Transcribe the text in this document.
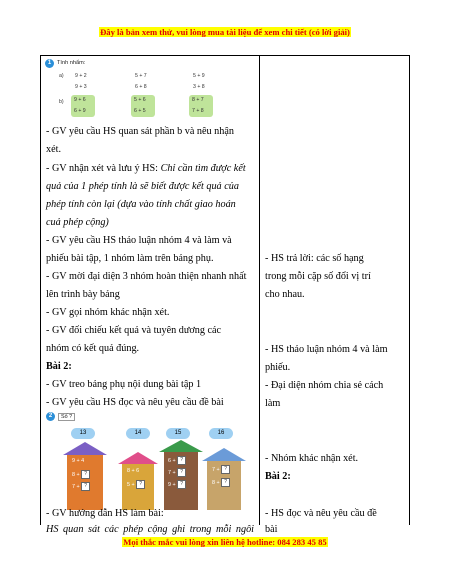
Đây là bản xem thử, vui lòng mua tài liệu để xem chi tiết (có lời giải)
1	Tính nhẩm:
a) 9 + 2	5 + 7	5 + 9
9 + 3	6 + 8	3 + 8
b) 9 + 6	5 + 6	8 + 7
6 + 9	6 + 5	7 + 8
- GV yêu cầu HS quan sát phần b và nêu nhận
xét.
- GV nhận xét và lưu ý HS: Chỉ cần tìm được kết
quả của 1 phép tính là sẽ biết được kết quả của
phép tính còn lại (dựa vào tính chất giao hoán
cuả phép cộng)
- GV yêu cầu HS thảo luận nhóm 4 và làm và
phiếu bài tập, 1 nhóm làm trên bảng phụ.
- GV mời đại diện 3 nhóm hoàn thiện nhanh nhất
lên trình bày bảng
- GV gọi nhóm khác nhận xét.
- GV đối chiếu kết quả và tuyên dương các
nhóm có kết quả đúng.
Bài 2:
- GV treo bảng phụ nội dung bài tập 1
- GV yêu cầu HS đọc và nêu yêu cầu đề bài
2	Số ?
13	14	15	16
9 + 4
8 + ?
7 + ?
8 + 6
5 + ?
6 + ?
7 + ?
9 + ?
7 + ?
8 + ?
- GV hướng dẫn HS làm bài:
HS quan sát các phép cộng ghi trong mỗi ngôi
- HS trả lời: các số hạng
trong mỗi cặp số đổi vị trí
cho nhau.
- HS thảo luận nhóm 4 và làm
phiếu.
- Đại diện nhóm chia sẻ cách
làm
- Nhóm khác nhận xét.
Bài 2:
- HS đọc và nêu yêu cầu đề
bài
Mọi thắc mắc vui lòng xin liên hệ hotline: 084 283 45 85
